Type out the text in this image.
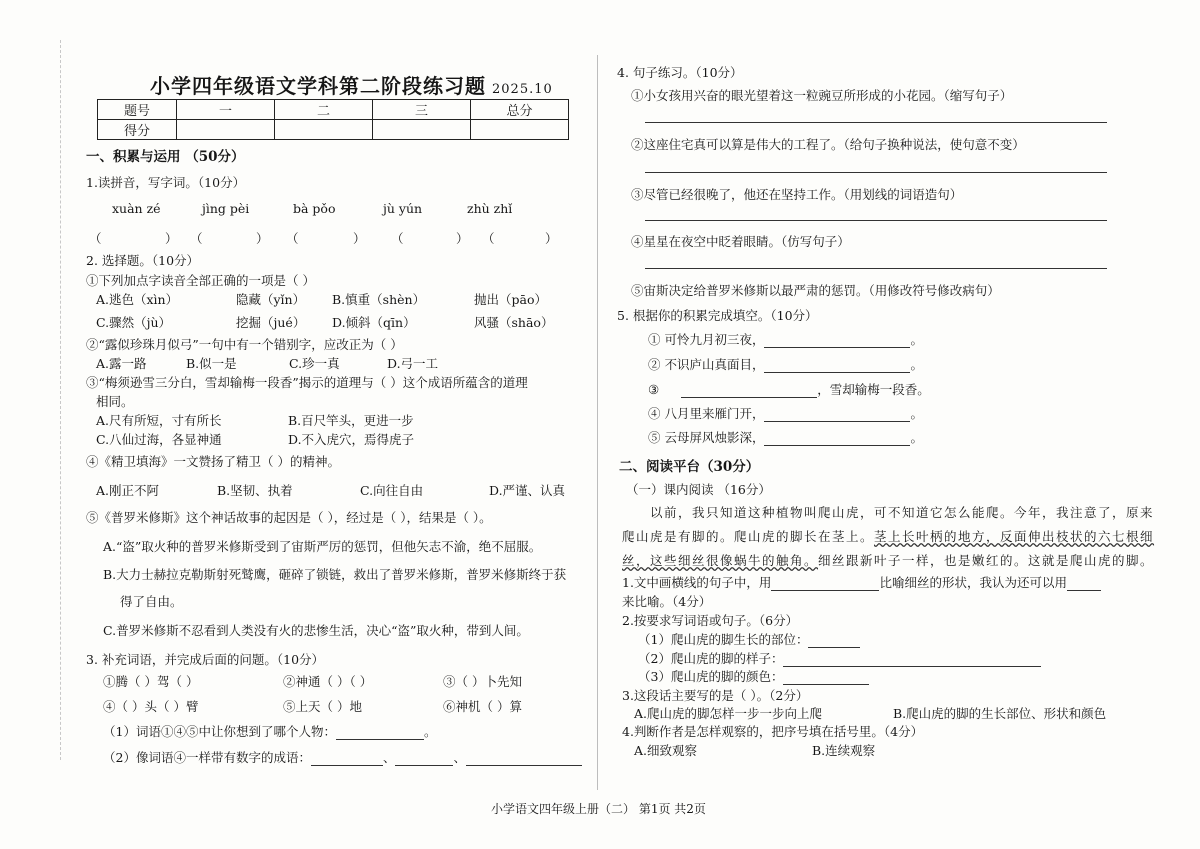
小学四年级语文学科第二阶段练习题 2025.10
题号	一	二	三	总分
得分				
一、积累与运用 （50分）
1.读拼音，写字词。（10分）
xuàn zé	jìng pèi	bà pǒo	jù yún	zhù zhǐ
（	） （	） （	） （	） （	）
2. 选择题。（10分）
①下列加点字读音全部正确的一项是（ ）
A.逃色（xìn）	隐藏（yǐn） B.慎重（shèn）	抛出（pāo）
C.骤然（jù）	挖掘（jué） D.倾斜（qīn）	风骚（shāo）
②“露似珍珠月似弓”一句中有一个错别字，应改正为（ ）
A.露一路	B.似一是	C.珍一真	D.弓一工
③“梅须逊雪三分白，雪却输梅一段香”揭示的道理与（ ）这个成语所蕴含的道理
相同。
A.尺有所短，寸有所长	B.百尺竿头，更进一步
C.八仙过海，各显神通	D.不入虎穴，焉得虎子
④《精卫填海》一文赞扬了精卫（ ）的精神。
A.刚正不阿	B.坚韧、执着	C.向往自由	D.严谨、认真
⑤《普罗米修斯》这个神话故事的起因是（ ），经过是（ ），结果是（ ）。
A.“盗”取火种的普罗米修斯受到了宙斯严厉的惩罚，但他矢志不渝，绝不屈服。
B.大力士赫拉克勒斯射死鹫鹰，砸碎了锁链，救出了普罗米修斯，普罗米修斯终于获
得了自由。
C.普罗米修斯不忍看到人类没有火的悲惨生活，决心“盗”取火种，带到人间。
3. 补充词语，并完成后面的问题。（10分）
①腾（ ）驾（ ）	②神通（ ）（ ）	③（ ）卜先知
④（ ）头（ ）臂	⑤上天（ ）地	⑥神机（ ）算
（1）词语①④⑤中让你想到了哪个人物：	。
（2）像词语④一样带有数字的成语：	、	、
4. 句子练习。（10分）
①小女孩用兴奋的眼光望着这一粒豌豆所形成的小花园。（缩写句子）
②这座住宅真可以算是伟大的工程了。（给句子换种说法，使句意不变）
③尽管已经很晚了，他还在坚持工作。（用划线的词语造句）
④星星在夜空中眨着眼睛。（仿写句子）
⑤宙斯决定给普罗米修斯以最严肃的惩罚。（用修改符号修改病句）
5. 根据你的积累完成填空。（10分）
① 可怜九月初三夜，	。
② 不识庐山真面目，	。
③	，雪却输梅一段香。
④ 八月里来雁门开，	。
⑤ 云母屏风烛影深，	。
二、阅读平台（30分）
（一）课内阅读 （16分）
以前，我只知道这种植物叫爬山虎，可不知道它怎么能爬。今年，我注意了，原来
爬山虎是有脚的。爬山虎的脚长在茎上。茎上长叶柄的地方，反面伸出枝状的六七根细
丝，这些细丝很像蜗牛的触角。细丝跟新叶子一样，也是嫩红的。这就是爬山虎的脚。
1.文中画横线的句子中，用	比喻细丝的形状，我认为还可以用
来比喻。（4分）
2.按要求写词语或句子。（6分）
（1）爬山虎的脚生长的部位：
（2）爬山虎的脚的样子：
（3）爬山虎的脚的颜色：
3.这段话主要写的是（ ）。（2分）
A.爬山虎的脚怎样一步一步向上爬	B.爬山虎的脚的生长部位、形状和颜色
4.判断作者是怎样观察的，把序号填在括号里。（4分）
A.细致观察	B.连续观察
小学语文四年级上册（二） 第1页 共2页
